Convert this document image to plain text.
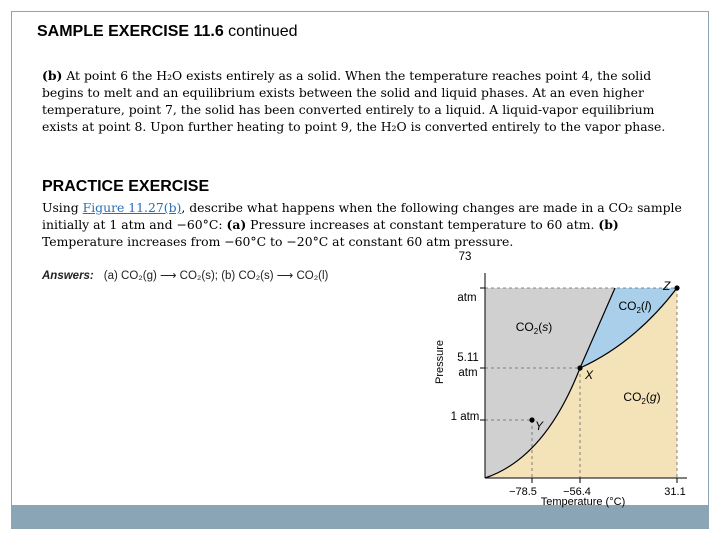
SAMPLE EXERCISE 11.6 continued
(b) At point 6 the H₂O exists entirely as a solid. When the temperature reaches point 4, the solid
begins to melt and an equilibrium exists between the solid and liquid phases. At an even higher
temperature, point 7, the solid has been converted entirely to a liquid. A liquid-vapor equilibrium
exists at point 8. Upon further heating to point 9, the H₂O is converted entirely to the vapor phase.
PRACTICE EXERCISE
Using Figure 11.27(b), describe what happens when the following changes are made in a CO₂ sample
initially at 1 atm and −60°C: (a) Pressure increases at constant temperature to 60 atm. (b)
Temperature increases from −60°C to −20°C at constant 60 atm pressure.
Answers: (a) CO₂(g) ⟶ CO₂(s); (b) CO₂(s) ⟶ CO₂(l)
73
atm
5.11
atm
1 atm
−78.5 −56.4	31.1
Pressure
Temperature (°C)
$CO_2(s)$
$CO_2(l)$
$CO_2(g)$
X
Y
Z
